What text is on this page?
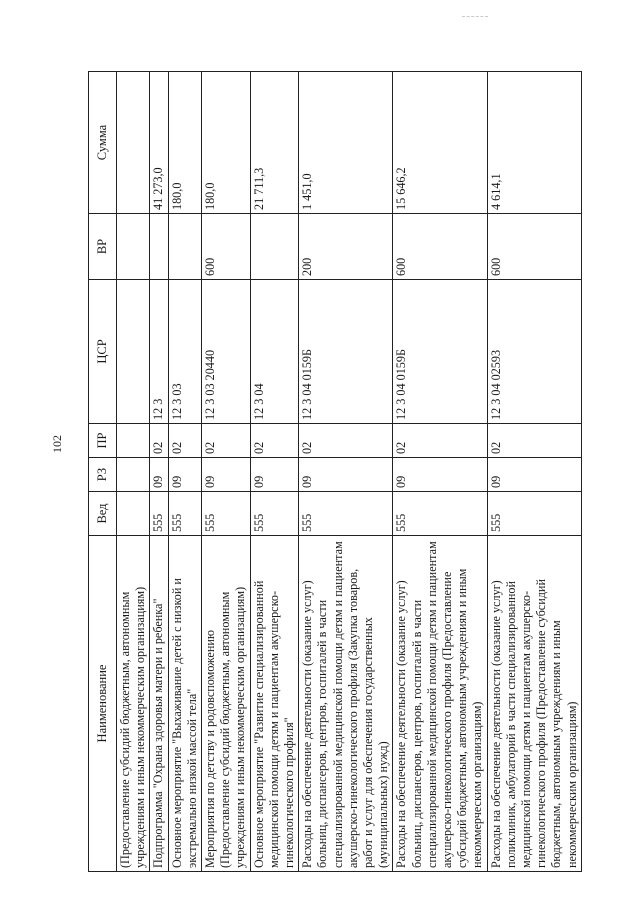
102
Наименование	Вед	РЗ	ПР	ЦСР	ВР	Сумма
(Предоставление субсидий бюджетным, автономным учреждениям и иным некоммерческим организациям)						
Подпрограмма "Охрана здоровья матери и ребенка"	555	09	02	12 3		41 273,0
Основное мероприятие "Выхаживание детей с низкой и экстремально низкой массой тела"	555	09	02	12 3 03		180,0
Мероприятия по детству и родовспоможению (Предоставление субсидий бюджетным, автономным учреждениям и иным некоммерческим организациям)	555	09	02	12 3 03 20440	600	180,0
Основное мероприятие "Развитие специализированной медицинской помощи детям и пациентам акушерско-гинекологического профиля"	555	09	02	12 3 04		21 711,3
Расходы на обеспечение деятельности (оказание услуг) больниц, диспансеров, центров, госпиталей в части специализированной медицинской помощи детям и пациентам акушерско-гинекологического профиля (Закупка товаров, работ и услуг для обеспечения государственных (муниципальных) нужд)	555	09	02	12 3 04 0159Б	200	1 451,0
Расходы на обеспечение деятельности (оказание услуг) больниц, диспансеров, центров, госпиталей в части специализированной медицинской помощи детям и пациентам акушерско-гинекологического профиля (Предоставление субсидий бюджетным, автономным учреждениям и иным некоммерческим организациям)	555	09	02	12 3 04 0159Б	600	15 646,2
Расходы на обеспечение деятельности (оказание услуг) поликлиник, амбулаторий в части специализированной медицинской помощи детям и пациентам акушерско-гинекологического профиля (Предоставление субсидий бюджетным, автономным учреждениям и иным некоммерческим организациям)	555	09	02	12 3 04 02593	600	4 614,1
